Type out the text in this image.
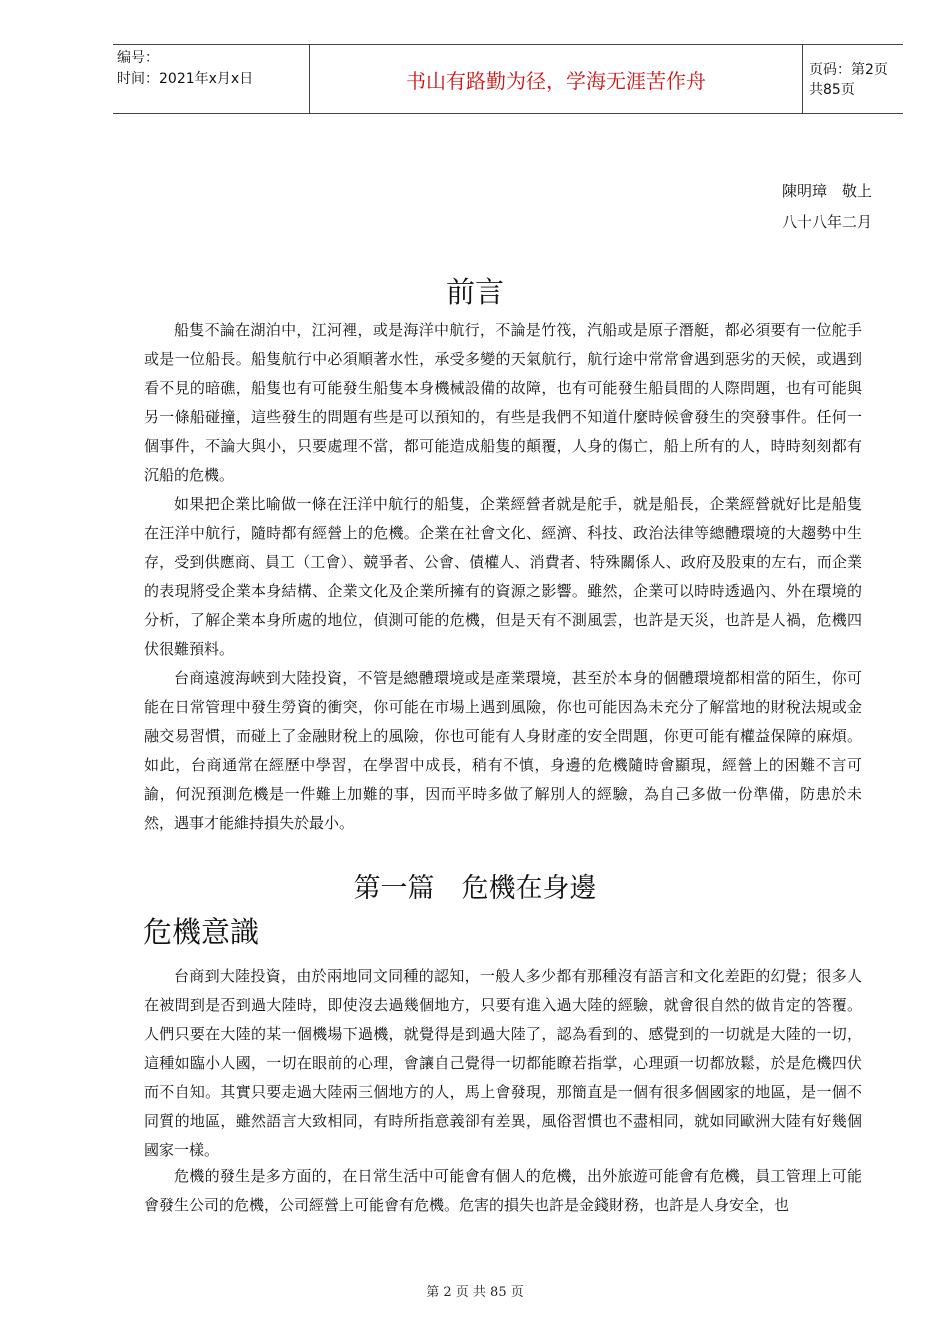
编号：
时间：2021年x月x日	书山有路勤为径，学海无涯苦作舟	页码：第2页 共85页
陳明璋　敬上
八十八年二月
前言

船隻不論在湖泊中，江河裡，或是海洋中航行，不論是竹筏，汽船或是原子潛艇，都必須要有一位舵手或是一位船長。船隻航行中必須順著水性，承受多變的天氣航行，航行途中常常會遇到惡劣的天候，或遇到看不見的暗礁，船隻也有可能發生船隻本身機械設備的故障，也有可能發生船員間的人際問題，也有可能與另一條船碰撞，這些發生的問題有些是可以預知的，有些是我們不知道什麼時候會發生的突發事件。任何一個事件，不論大與小，只要處理不當，都可能造成船隻的顛覆，人身的傷亡，船上所有的人，時時刻刻都有沉船的危機。

如果把企業比喻做一條在汪洋中航行的船隻，企業經營者就是舵手，就是船長，企業經營就好比是船隻在汪洋中航行，隨時都有經營上的危機。企業在社會文化、經濟、科技、政治法律等總體環境的大趨勢中生存，受到供應商、員工（工會）、競爭者、公會、債權人、消費者、特殊關係人、政府及股東的左右，而企業的表現將受企業本身結構、企業文化及企業所擁有的資源之影響。雖然，企業可以時時透過內、外在環境的分析，了解企業本身所處的地位，偵測可能的危機，但是天有不測風雲，也許是天災，也許是人禍，危機四伏很難預料。

台商遠渡海峽到大陸投資，不管是總體環境或是產業環境，甚至於本身的個體環境都相當的陌生，你可能在日常管理中發生勞資的衝突，你可能在市場上遇到風險，你也可能因為未充分了解當地的財稅法規或金融交易習慣，而碰上了金融財稅上的風險，你也可能有人身財產的安全問題，你更可能有權益保障的麻煩。如此，台商通常在經歷中學習，在學習中成長，稍有不慎，身邊的危機隨時會顯現，經營上的困難不言可諭，何況預測危機是一件難上加難的事，因而平時多做了解別人的經驗，為自己多做一份準備，防患於未然，遇事才能維持損失於最小。

第一篇　危機在身邊
危機意識

台商到大陸投資，由於兩地同文同種的認知，一般人多少都有那種沒有語言和文化差距的幻覺；很多人在被問到是否到過大陸時，即使沒去過幾個地方，只要有進入過大陸的經驗，就會很自然的做肯定的答覆。人們只要在大陸的某一個機場下過機，就覺得是到過大陸了，認為看到的、感覺到的一切就是大陸的一切，這種如臨小人國，一切在眼前的心理，會讓自己覺得一切都能瞭若指掌，心理頭一切都放鬆，於是危機四伏而不自知。其實只要走過大陸兩三個地方的人，馬上會發現，那簡直是一個有很多個國家的地區，是一個不同質的地區，雖然語言大致相同，有時所指意義卻有差異，風俗習慣也不盡相同，就如同歐洲大陸有好幾個國家一樣。

危機的發生是多方面的，在日常生活中可能會有個人的危機，出外旅遊可能會有危機，員工管理上可能會發生公司的危機，公司經營上可能會有危機。危害的損失也許是金錢財務，也許是人身安全，也

第 2 页 共 85 页
